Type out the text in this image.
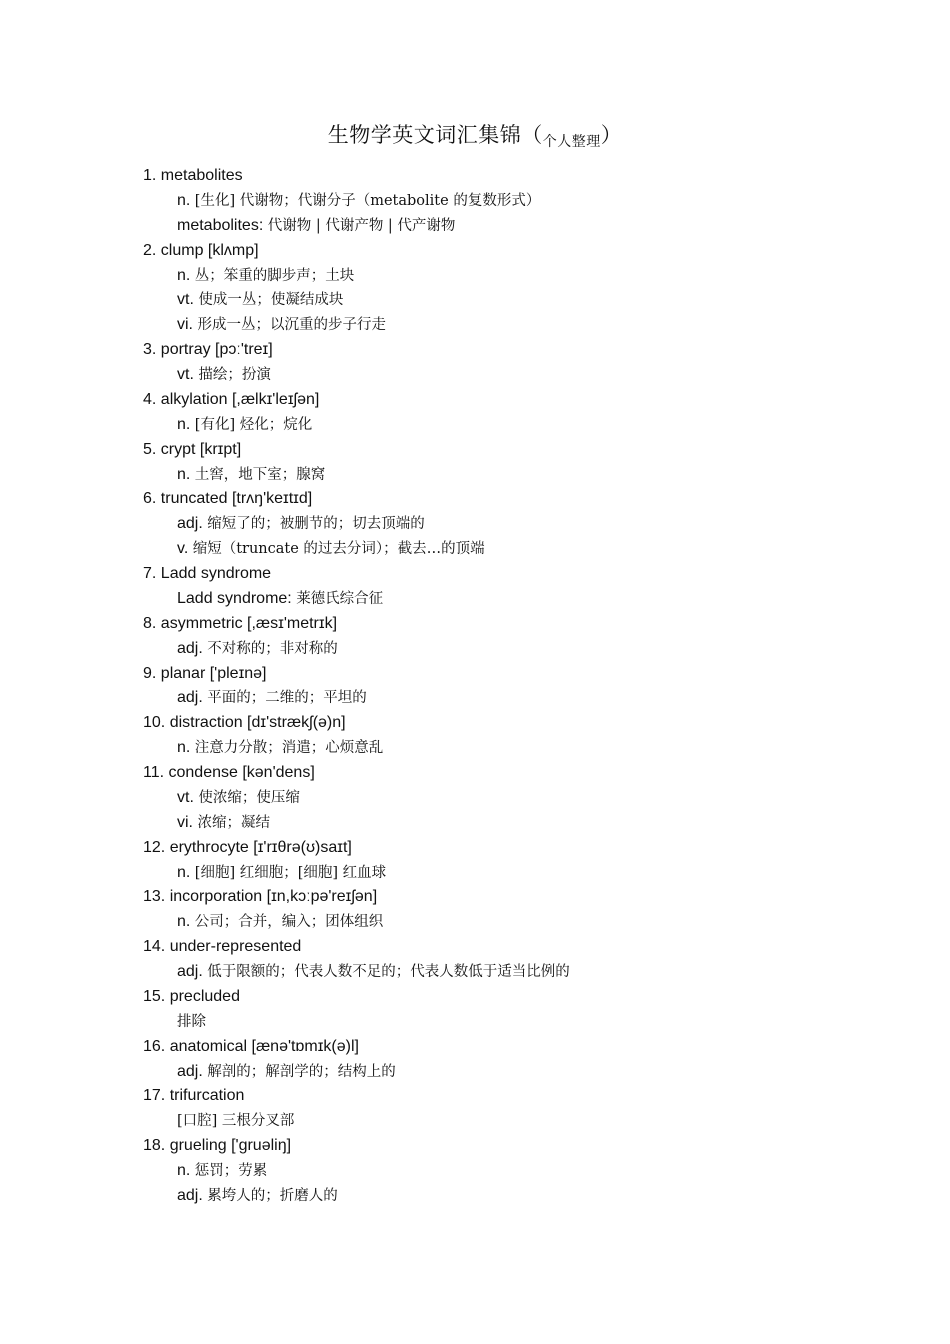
生物学英文词汇集锦$(_{个人整理})$
1. metabolites
n. [生化] 代谢物；代谢分子（metabolite 的复数形式）
metabolites: 代谢物 | 代谢产物 | 代产谢物
2. clump [klʌmp]
n. 丛；笨重的脚步声；土块
vt. 使成一丛；使凝结成块
vi. 形成一丛；以沉重的步子行走
3. portray [pɔː'treɪ]
vt. 描绘；扮演
4. alkylation [,ælkɪ'leɪʃən]
n. [有化] 烃化；烷化
5. crypt [krɪpt]
n. 土窖，地下室；腺窝
6. truncated [trʌŋ'keɪtɪd]
adj. 缩短了的；被删节的；切去顶端的
v. 缩短（truncate 的过去分词）；截去…的顶端
7. Ladd syndrome
Ladd syndrome: 莱德氏综合征
8. asymmetric [,æsɪ'metrɪk]
adj. 不对称的；非对称的
9. planar ['pleɪnə]
adj. 平面的；二维的；平坦的
10. distraction [dɪ'strækʃ(ə)n]
n. 注意力分散；消遣；心烦意乱
11. condense [kən'dens]
vt. 使浓缩；使压缩
vi. 浓缩；凝结
12. erythrocyte [ɪ'rɪθrə(ʊ)saɪt]
n. [细胞] 红细胞；[细胞] 红血球
13. incorporation [ɪn,kɔːpə'reɪʃən]
n. 公司；合并，编入；团体组织
14. under-represented
adj. 低于限额的；代表人数不足的；代表人数低于适当比例的
15. precluded
排除
16. anatomical [ænə'tɒmɪk(ə)l]
adj. 解剖的；解剖学的；结构上的
17. trifurcation
[口腔] 三根分叉部
18. grueling ['ɡruəliŋ]
n. 惩罚；劳累
adj. 累垮人的；折磨人的
